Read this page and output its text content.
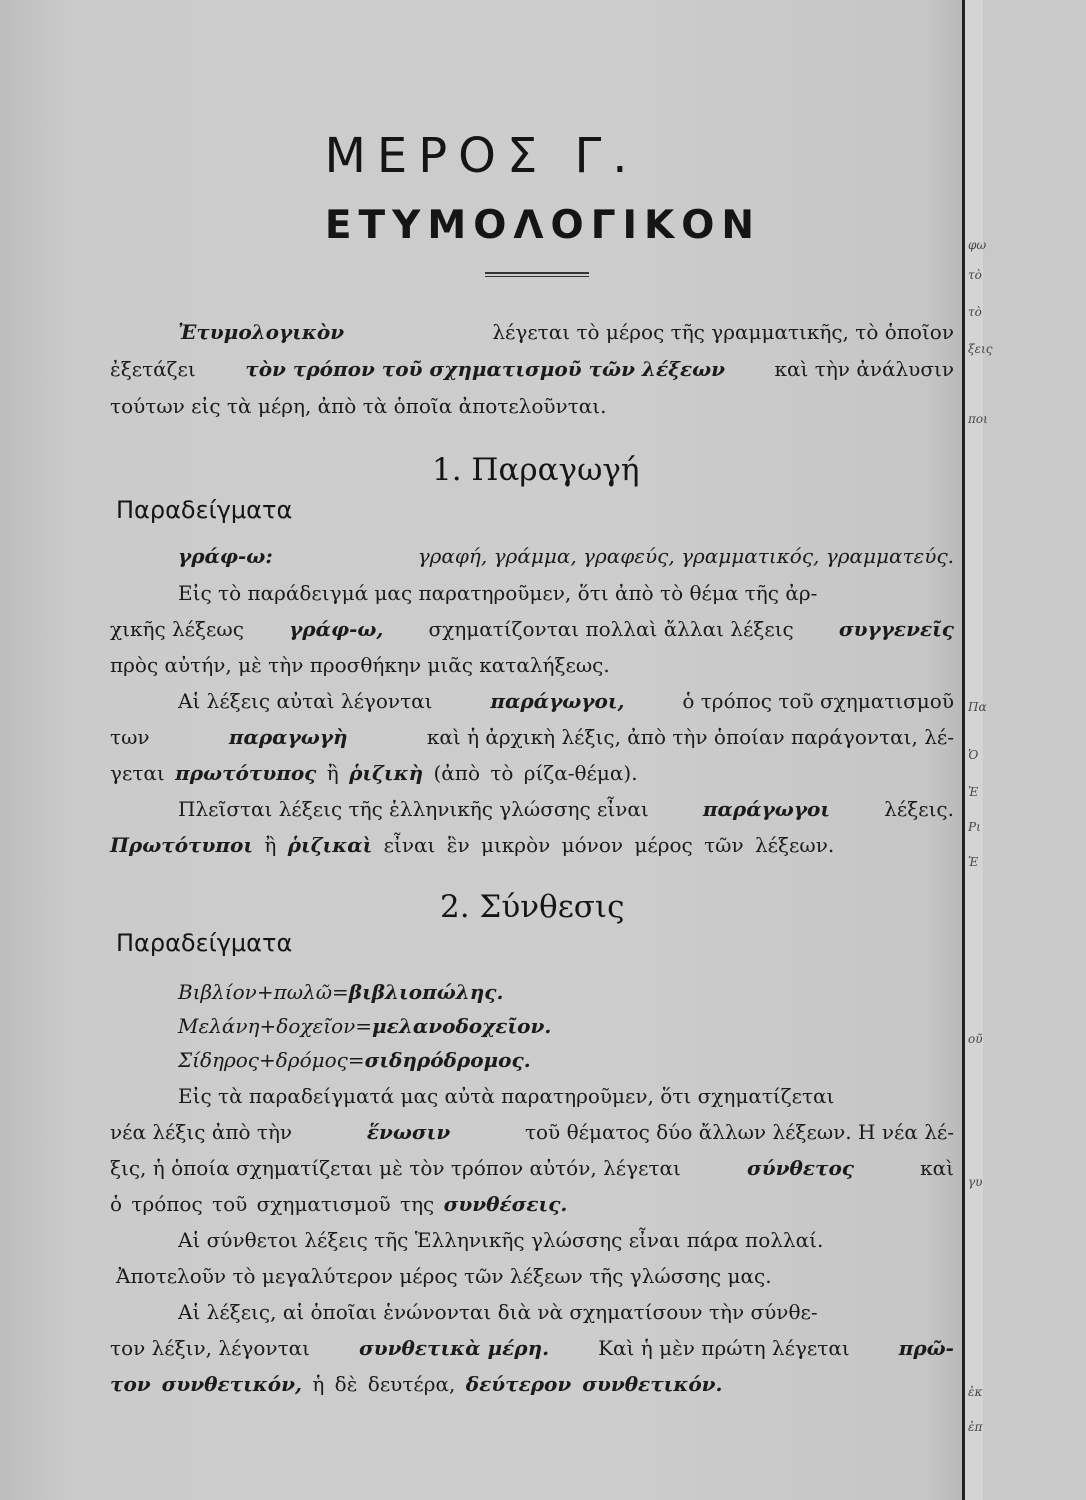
ΜΕΡΟΣ Γ.
ΕΤΥΜΟΛΟΓΙΚΟΝ
Ἐτυμολογικὸν	λέγεται τὸ μέρος τῆς γραμματικῆς, τὸ ὁποῖον
ἐξετάζει τὸν τρόπον τοῦ σχηματισμοῦ τῶν λέξεων καὶ τὴν ἀνάλυσιν
τούτων εἰς τὰ μέρη, ἀπὸ τὰ ὁποῖα ἀποτελοῦνται.
1. Παραγωγή
Παραδείγματα
γράφ-ω:	γραφή, γράμμα, γραφεύς, γραμματικός, γραμματεύς.
Εἰς τὸ παράδειγμά μας παρατηροῦμεν, ὅτι ἀπὸ τὸ θέμα τῆς ἀρ-
χικῆς λέξεως γράφ-ω, σχηματίζονται πολλαὶ ἄλλαι λέξεις συγγενεῖς
πρὸς αὐτήν, μὲ τὴν προσθήκην μιᾶς καταλήξεως.
Αἱ λέξεις αὐταὶ λέγονται	παράγωγοι,	ὁ τρόπος τοῦ σχηματισμοῦ
των	παραγωγὴ	καὶ ἡ ἀρχικὴ λέξις, ἀπὸ τὴν ὁποίαν παράγονται, λέ-
γεται πρωτότυπος ἢ ῥιζικὴ (ἀπὸ τὸ ρίζα-θέμα).
Πλεῖσται λέξεις τῆς ἑλληνικῆς γλώσσης εἶναι	παράγωγοι	λέξεις.
Πρωτότυποι ἢ ῥιζικαὶ εἶναι ἓν μικρὸν μόνον μέρος τῶν λέξεων.
2. Σύνθεσις
Παραδείγματα
Βιβλίον+πωλῶ=βιβλιοπώλης.
Μελάνη+δοχεῖον=μελανοδοχεῖον.
Σίδηρος+δρόμος=σιδηρόδρομος.
Εἰς τὰ παραδείγματά μας αὐτὰ παρατηροῦμεν, ὅτι σχηματίζεται
νέα λέξις ἀπὸ τὴν	ἕνωσιν	τοῦ θέματος δύο ἄλλων λέξεων. Η νέα λέ-
ξις, ἡ ὁποία σχηματίζεται μὲ τὸν τρόπον αὐτόν, λέγεται	σύνθετος	καὶ
ὁ τρόπος τοῦ σχηματισμοῦ της συνθέσεις.
Αἱ σύνθετοι λέξεις τῆς Ἑλληνικῆς γλώσσης εἶναι πάρα πολλαί.
Ἀποτελοῦν τὸ μεγαλύτερον μέρος τῶν λέξεων τῆς γλώσσης μας.
Αἱ λέξεις, αἱ ὁποῖαι ἑνώνονται διὰ νὰ σχηματίσουν τὴν σύνθε-
τον λέξιν, λέγονται συνθετικὰ μέρη. Καὶ ἡ μὲν πρώτη λέγεται πρῶ-
τον συνθετικόν, ἡ δὲ δευτέρα, δεύτερον συνθετικόν.
φω
τὸ
τὸ
ξεις
ποι
Πα
Ὁ
Ἐ
Ρι
Ἐ
οῦ
γυ
ἐκ
ἐπ
